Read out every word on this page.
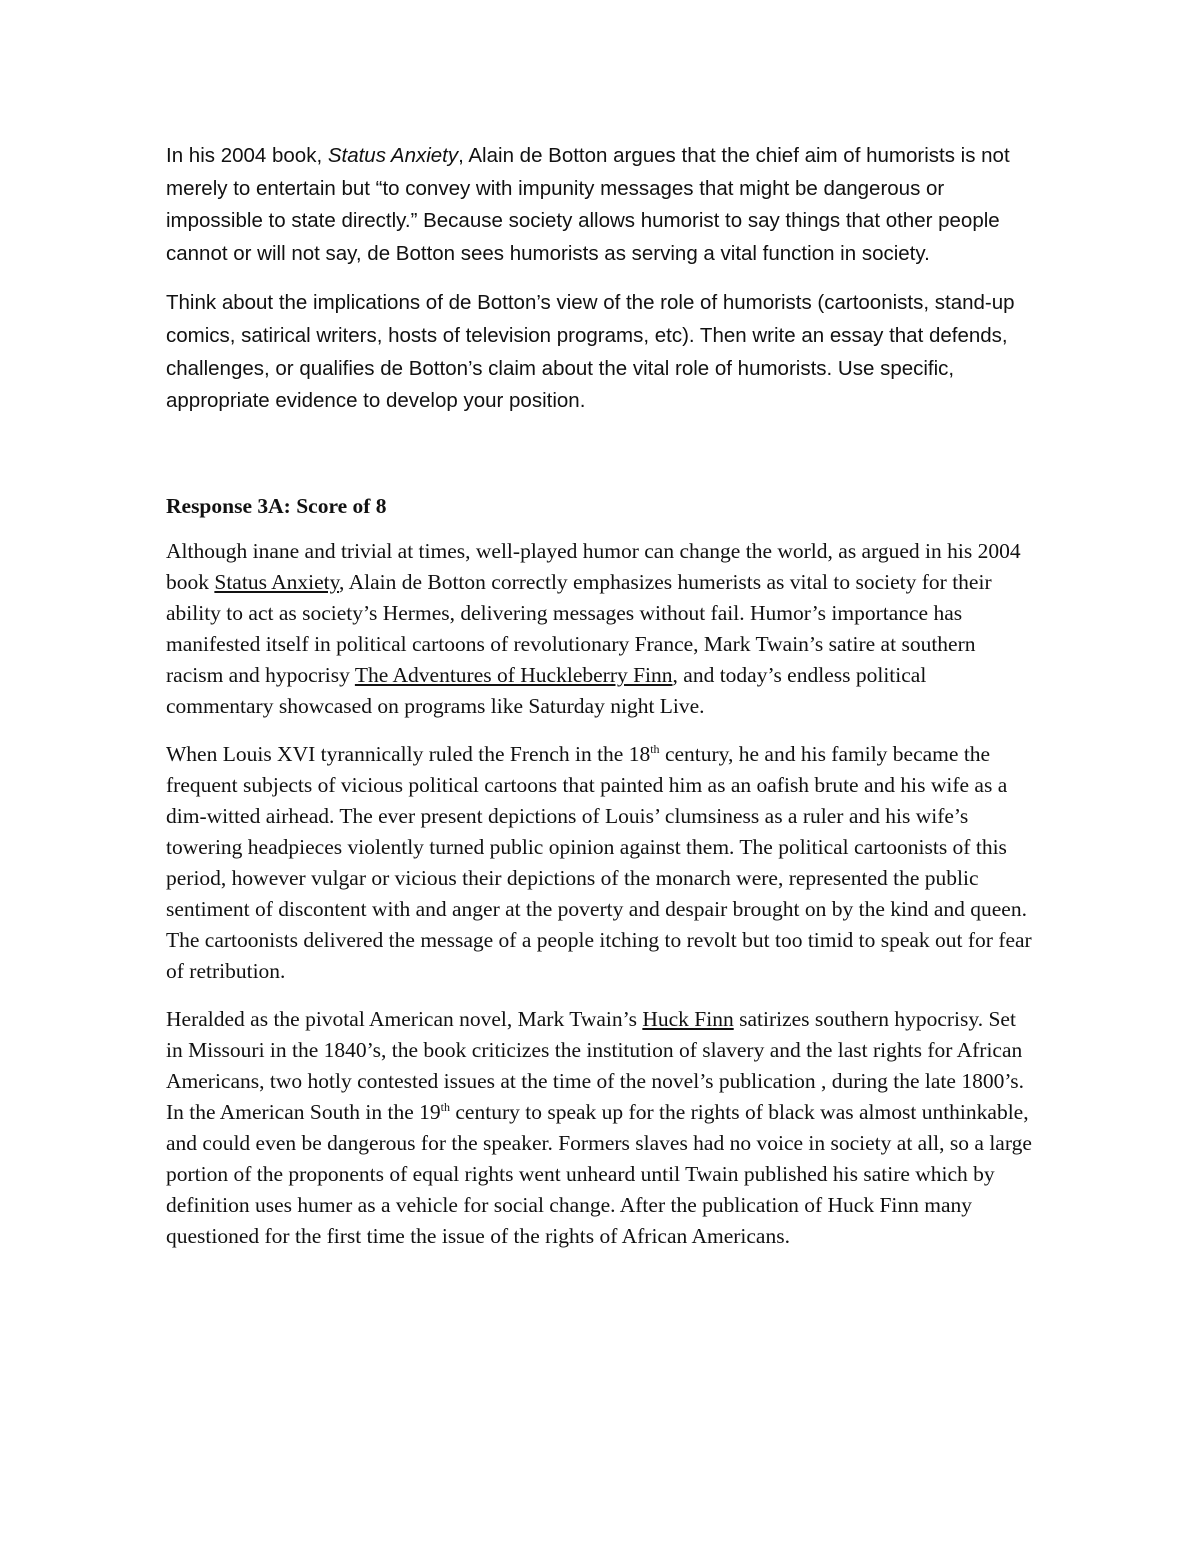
In his 2004 book, Status Anxiety, Alain de Botton argues that the chief aim of humorists is not merely to entertain but “to convey with impunity messages that might be dangerous or impossible to state directly.” Because society allows humorist to say things that other people cannot or will not say, de Botton sees humorists as serving a vital function in society.

Think about the implications of de Botton’s view of the role of humorists (cartoonists, stand-up comics, satirical writers, hosts of television programs, etc). Then write an essay that defends, challenges, or qualifies de Botton’s claim about the vital role of humorists. Use specific, appropriate evidence to develop your position.

Response 3A: Score of 8

Although inane and trivial at times, well-played humor can change the world, as argued in his 2004 book Status Anxiety, Alain de Botton correctly emphasizes humerists as vital to society for their ability to act as society’s Hermes, delivering messages without fail. Humor’s importance has manifested itself in political cartoons of revolutionary France, Mark Twain’s satire at southern racism and hypocrisy The Adventures of Huckleberry Finn, and today’s endless political commentary showcased on programs like Saturday night Live.

When Louis XVI tyrannically ruled the French in the 18th century, he and his family became the frequent subjects of vicious political cartoons that painted him as an oafish brute and his wife as a dim-witted airhead. The ever present depictions of Louis’ clumsiness as a ruler and his wife’s towering headpieces violently turned public opinion against them. The political cartoonists of this period, however vulgar or vicious their depictions of the monarch were, represented the public sentiment of discontent with and anger at the poverty and despair brought on by the kind and queen. The cartoonists delivered the message of a people itching to revolt but too timid to speak out for fear of retribution.

Heralded as the pivotal American novel, Mark Twain’s Huck Finn satirizes southern hypocrisy. Set in Missouri in the 1840’s, the book criticizes the institution of slavery and the last rights for African Americans, two hotly contested issues at the time of the novel’s publication , during the late 1800’s. In the American South in the 19th century to speak up for the rights of black was almost unthinkable, and could even be dangerous for the speaker. Formers slaves had no voice in society at all, so a large portion of the proponents of equal rights went unheard until Twain published his satire which by definition uses humer as a vehicle for social change. After the publication of Huck Finn many questioned for the first time the issue of the rights of African Americans.
